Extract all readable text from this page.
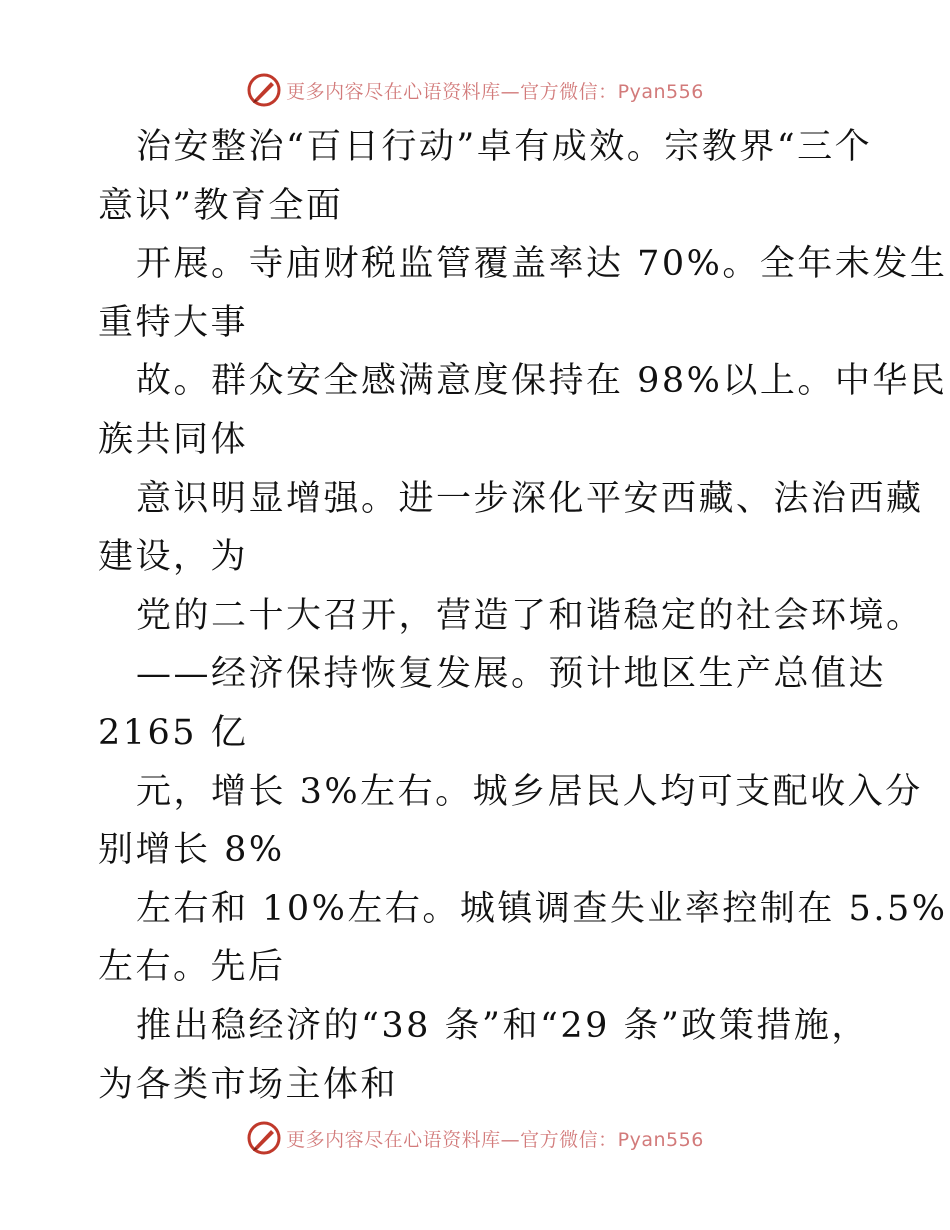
更多内容尽在心语资料库—官方微信：Pyan556
治安整治“百日行动”卓有成效。宗教界“三个
意识”教育全面
开展。寺庙财税监管覆盖率达 70%。全年未发生
重特大事
故。群众安全感满意度保持在 98%以上。中华民
族共同体
意识明显增强。进一步深化平安西藏、法治西藏
建设，为
党的二十大召开，营造了和谐稳定的社会环境。
——经济保持恢复发展。预计地区生产总值达
2165 亿
元，增长 3%左右。城乡居民人均可支配收入分
别增长 8%
左右和 10%左右。城镇调查失业率控制在 5.5%
左右。先后
推出稳经济的“38 条”和“29 条”政策措施，
为各类市场主体和
更多内容尽在心语资料库—官方微信：Pyan556
